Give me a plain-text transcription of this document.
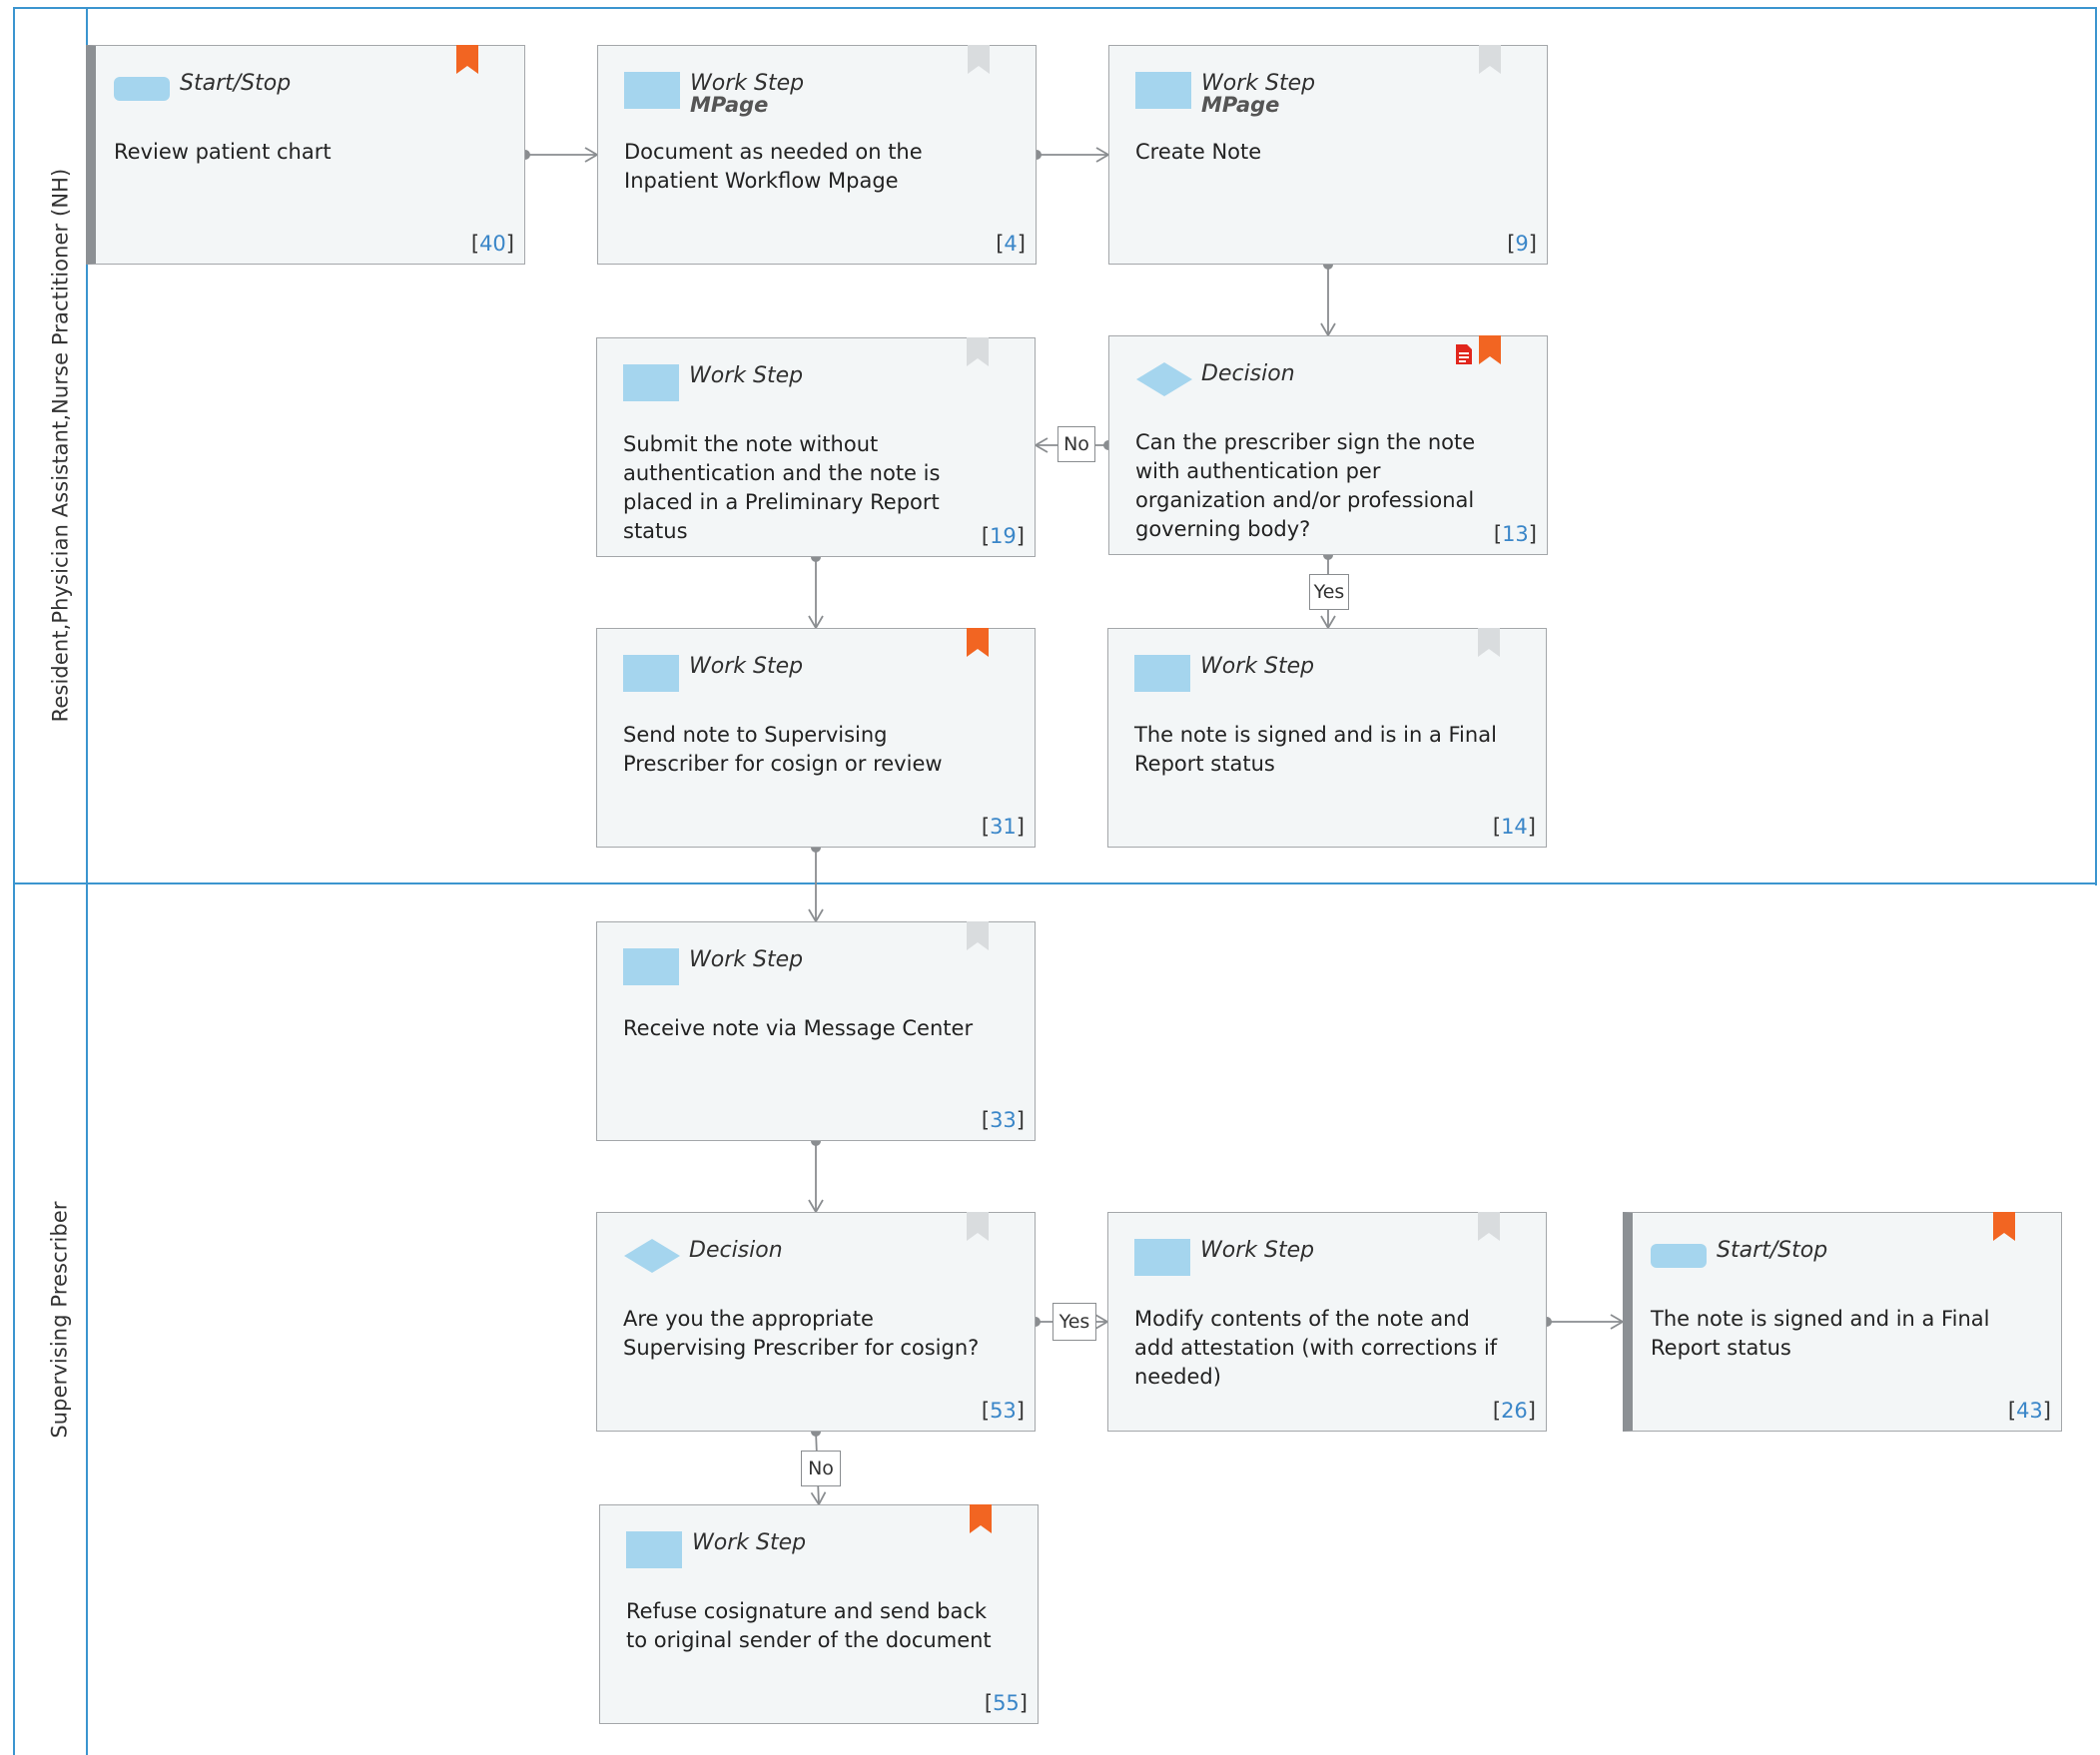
Resident,Physician Assistant,Nurse Practitioner (NH)
Supervising Prescriber
Start/Stop
Review patient chart
[40]
Work Step
MPage
Document as needed on the Inpatient Workflow Mpage
[4]
Work Step
MPage
Create Note
[9]
Work Step
Submit the note without authentication and the note is placed in a Preliminary Report status	[19]
Decision
Can the prescriber sign the note with authentication per organization and/or professional governing body?	[13]
Work Step
Send note to Supervising Prescriber for cosign or review
[31]
Work Step
The note is signed and is in a Final Report status
[14]
Work Step
Receive note via Message Center
[33]
Decision
Are you the appropriate Supervising Prescriber for cosign?
[53]
Work Step
Modify contents of the note and add attestation (with corrections if needed)
[26]
Start/Stop
The note is signed and in a Final Report status
[43]
Work Step
Refuse cosignature and send back to original sender of the document
[55]
No
Yes
Yes
No
